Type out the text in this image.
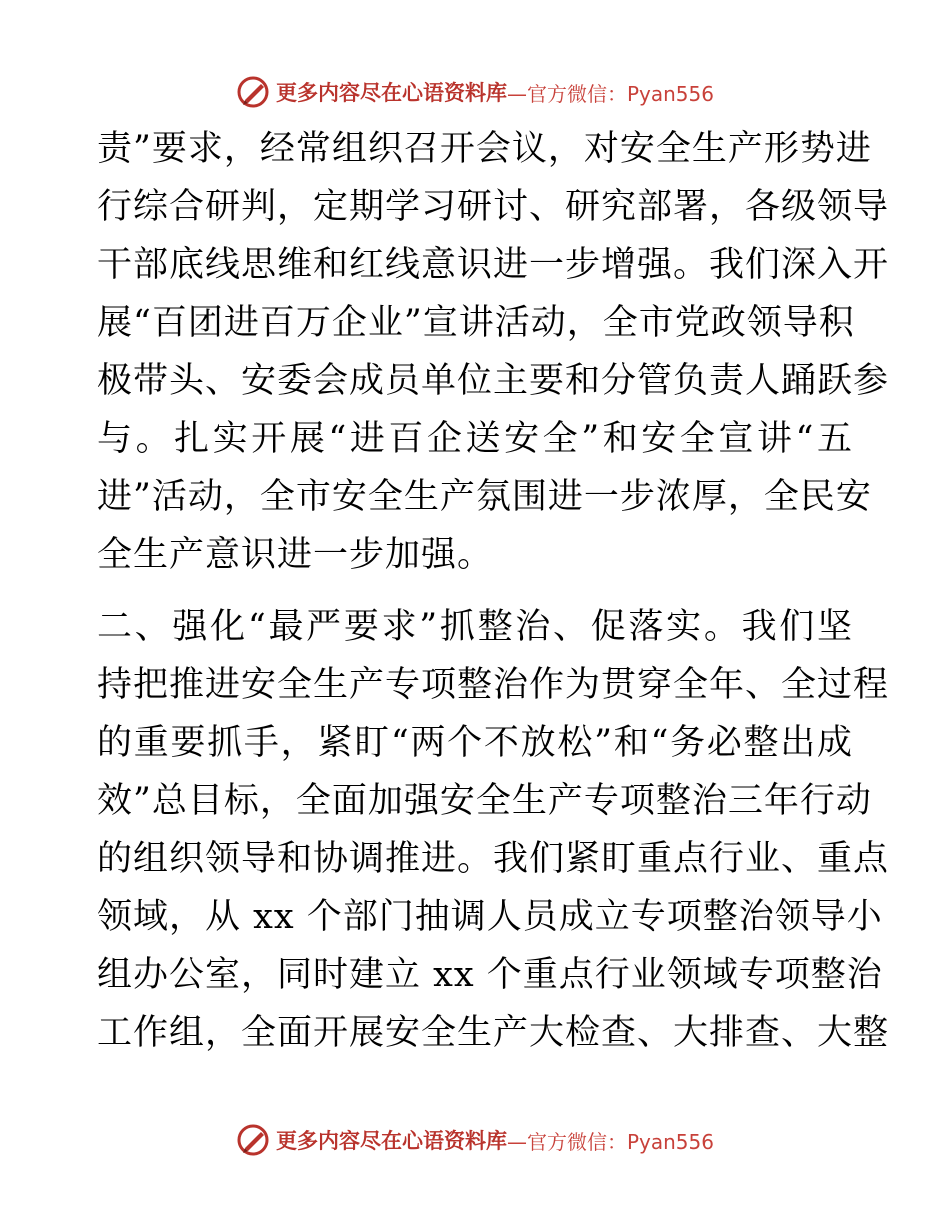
更多内容尽在心语资料库 —官方微信：Pyan556

责”要求，经常组织召开会议，对安全生产形势进
行综合研判，定期学习研讨、研究部署，各级领导
干部底线思维和红线意识进一步增强。我们深入开
展“百团进百万企业”宣讲活动，全市党政领导积
极带头、安委会成员单位主要和分管负责人踊跃参
与。扎实开展“进百企送安全”和安全宣讲“五
进”活动，全市安全生产氛围进一步浓厚，全民安
全生产意识进一步加强。

二、强化“最严要求”抓整治、促落实。我们坚
持把推进安全生产专项整治作为贯穿全年、全过程
的重要抓手，紧盯“两个不放松”和“务必整出成
效”总目标，全面加强安全生产专项整治三年行动
的组织领导和协调推进。我们紧盯重点行业、重点
领域，从 xx 个部门抽调人员成立专项整治领导小
组办公室，同时建立 xx 个重点行业领域专项整治
工作组，全面开展安全生产大检查、大排查、大整

更多内容尽在心语资料库 —官方微信：Pyan556
